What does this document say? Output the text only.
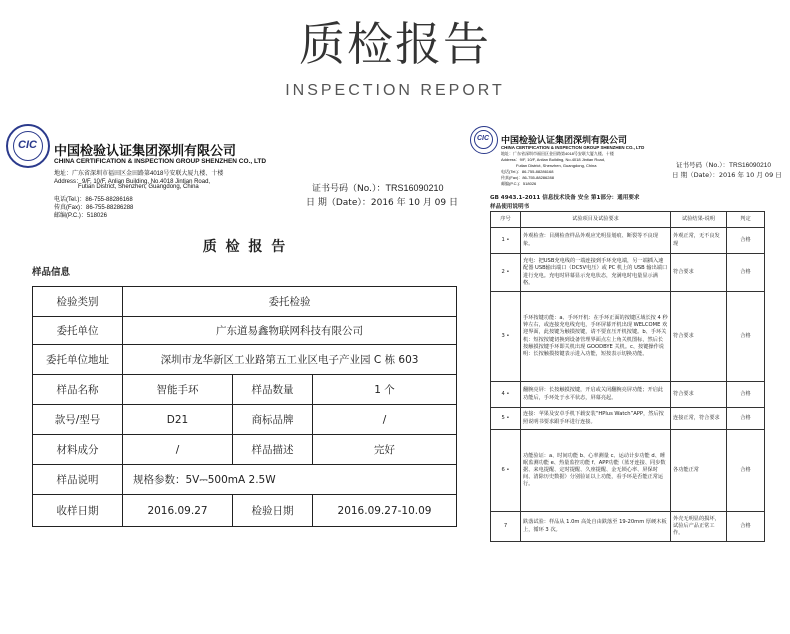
质检报告
INSPECTION REPORT
CIC 中国检验认证集团深圳有限公司
CHINA CERTIFICATION & INSPECTION GROUP SHENZHEN CO., LTD
地址：广东省深圳市福田区金田路第4018号安联大厦九楼、十楼
Address：9/F, 10/F, Anlian Building, No.4018 Jintian Road,
Futian District, Shenzhen, Guangdong, China
电话(Tel.)：86-755-88286168
传真(Fax)：86-755-88286288
邮编(P.C.)：518026
证书号码（No.）：TRS16090210
日 期（Date）：2016 年 10 月 09 日
质 检 报 告
样品信息
检验类别	委托检验		
委托单位	广东道易鑫物联网科技有限公司		
委托单位地址	深圳市龙华新区工业路第五工业区电子产业园 C 栋 603		
样品名称	智能手环	样品数量	1 个
款号/型号	D21	商标品牌	/
材料成分	/	样品描述	完好
样品说明	规格参数：5V⎓500mA 2.5W		
收样日期	2016.09.27	检验日期	2016.09.27-10.09
CIC 中国检验认证集团深圳有限公司
CHINA CERTIFICATION & INSPECTION GROUP SHENZHEN CO., LTD
地址：广东省深圳市福田区金田路第4018号安联大厦九楼、十楼
Address：9/F, 10/F, Anlian Building, No.4018 Jintian Road,
Futian District, Shenzhen, Guangdong, China
电话(Tel.)：86-755-88286168
传真(Fax)：86-755-88286288
邮编(P.C.)：518026
证书号码（No.）：TRS16090210
日 期（Date）：2016 年 10 月 09 日
GB 4943.1-2011 信息技术设备 安全 第1部分：通用要求
样品使用说明书
序号	试验项目及试验要求	试验结果-说明	判定
1 •	外观检查：目测检查样品外观应光明显划痕、断裂等不良现象。	外观正常，无不良发现	合格
2 •	充电：把USB充电线的一端连接到手环充电端，另一端插入速配器 USB输出端口（DC5V电压）或 PC 机上的 USB 输出端口进行充电。充电时屏幕显示充电状态，充满电时电量显示满格。	符合要求	合格
3 •	手环按键功能：a、手环开机：在手环正面的按键区域长按 4 秒钟左右，或连接充电线充电，手环屏幕开机出现 WELCOME 欢迎界面，此按键为触摸按键，请不要直压开机按键。b、手环关机：短按按键切换到设备管理界面点左上角关机图标，然后长按触摸按键手环即关机出现 GOODBYE 关机。c、按键操作说明：长按触摸按键表示进入功能，短按表示切换功能。	符合要求	合格
4 •	翻腕亮屏：长按触摸按键，开启或关闭翻腕亮屏功能；开启此功能后，手环处于水平状态，屏幕亮起。	符合要求	合格
5 •	连接：苹果及安卓手机下载安装“HPlus Watch”APP，然后按照说明书要求跟手环进行连接。	连接正常，符合要求	合格
6 •	功能验证：a、时间功能 b、心率测量 c、运动计步功能 d、睡眠监测功能 e、热量监控功能 f、APP功能（蓝牙连接、同步数据、来电提醒、定时提醒、久座提醒、金无锁心率、屏保时间、清除历史数据）分别验证以上功能，看手环是否能正常运行。	各功能正常	合格
7	跌落试验：样品从 1.0m 高处自由跌落至 19-20mm 厚硬木板上，循环 3 次。	外壳无明显的损坏，试验后产品正常工作。	合格
